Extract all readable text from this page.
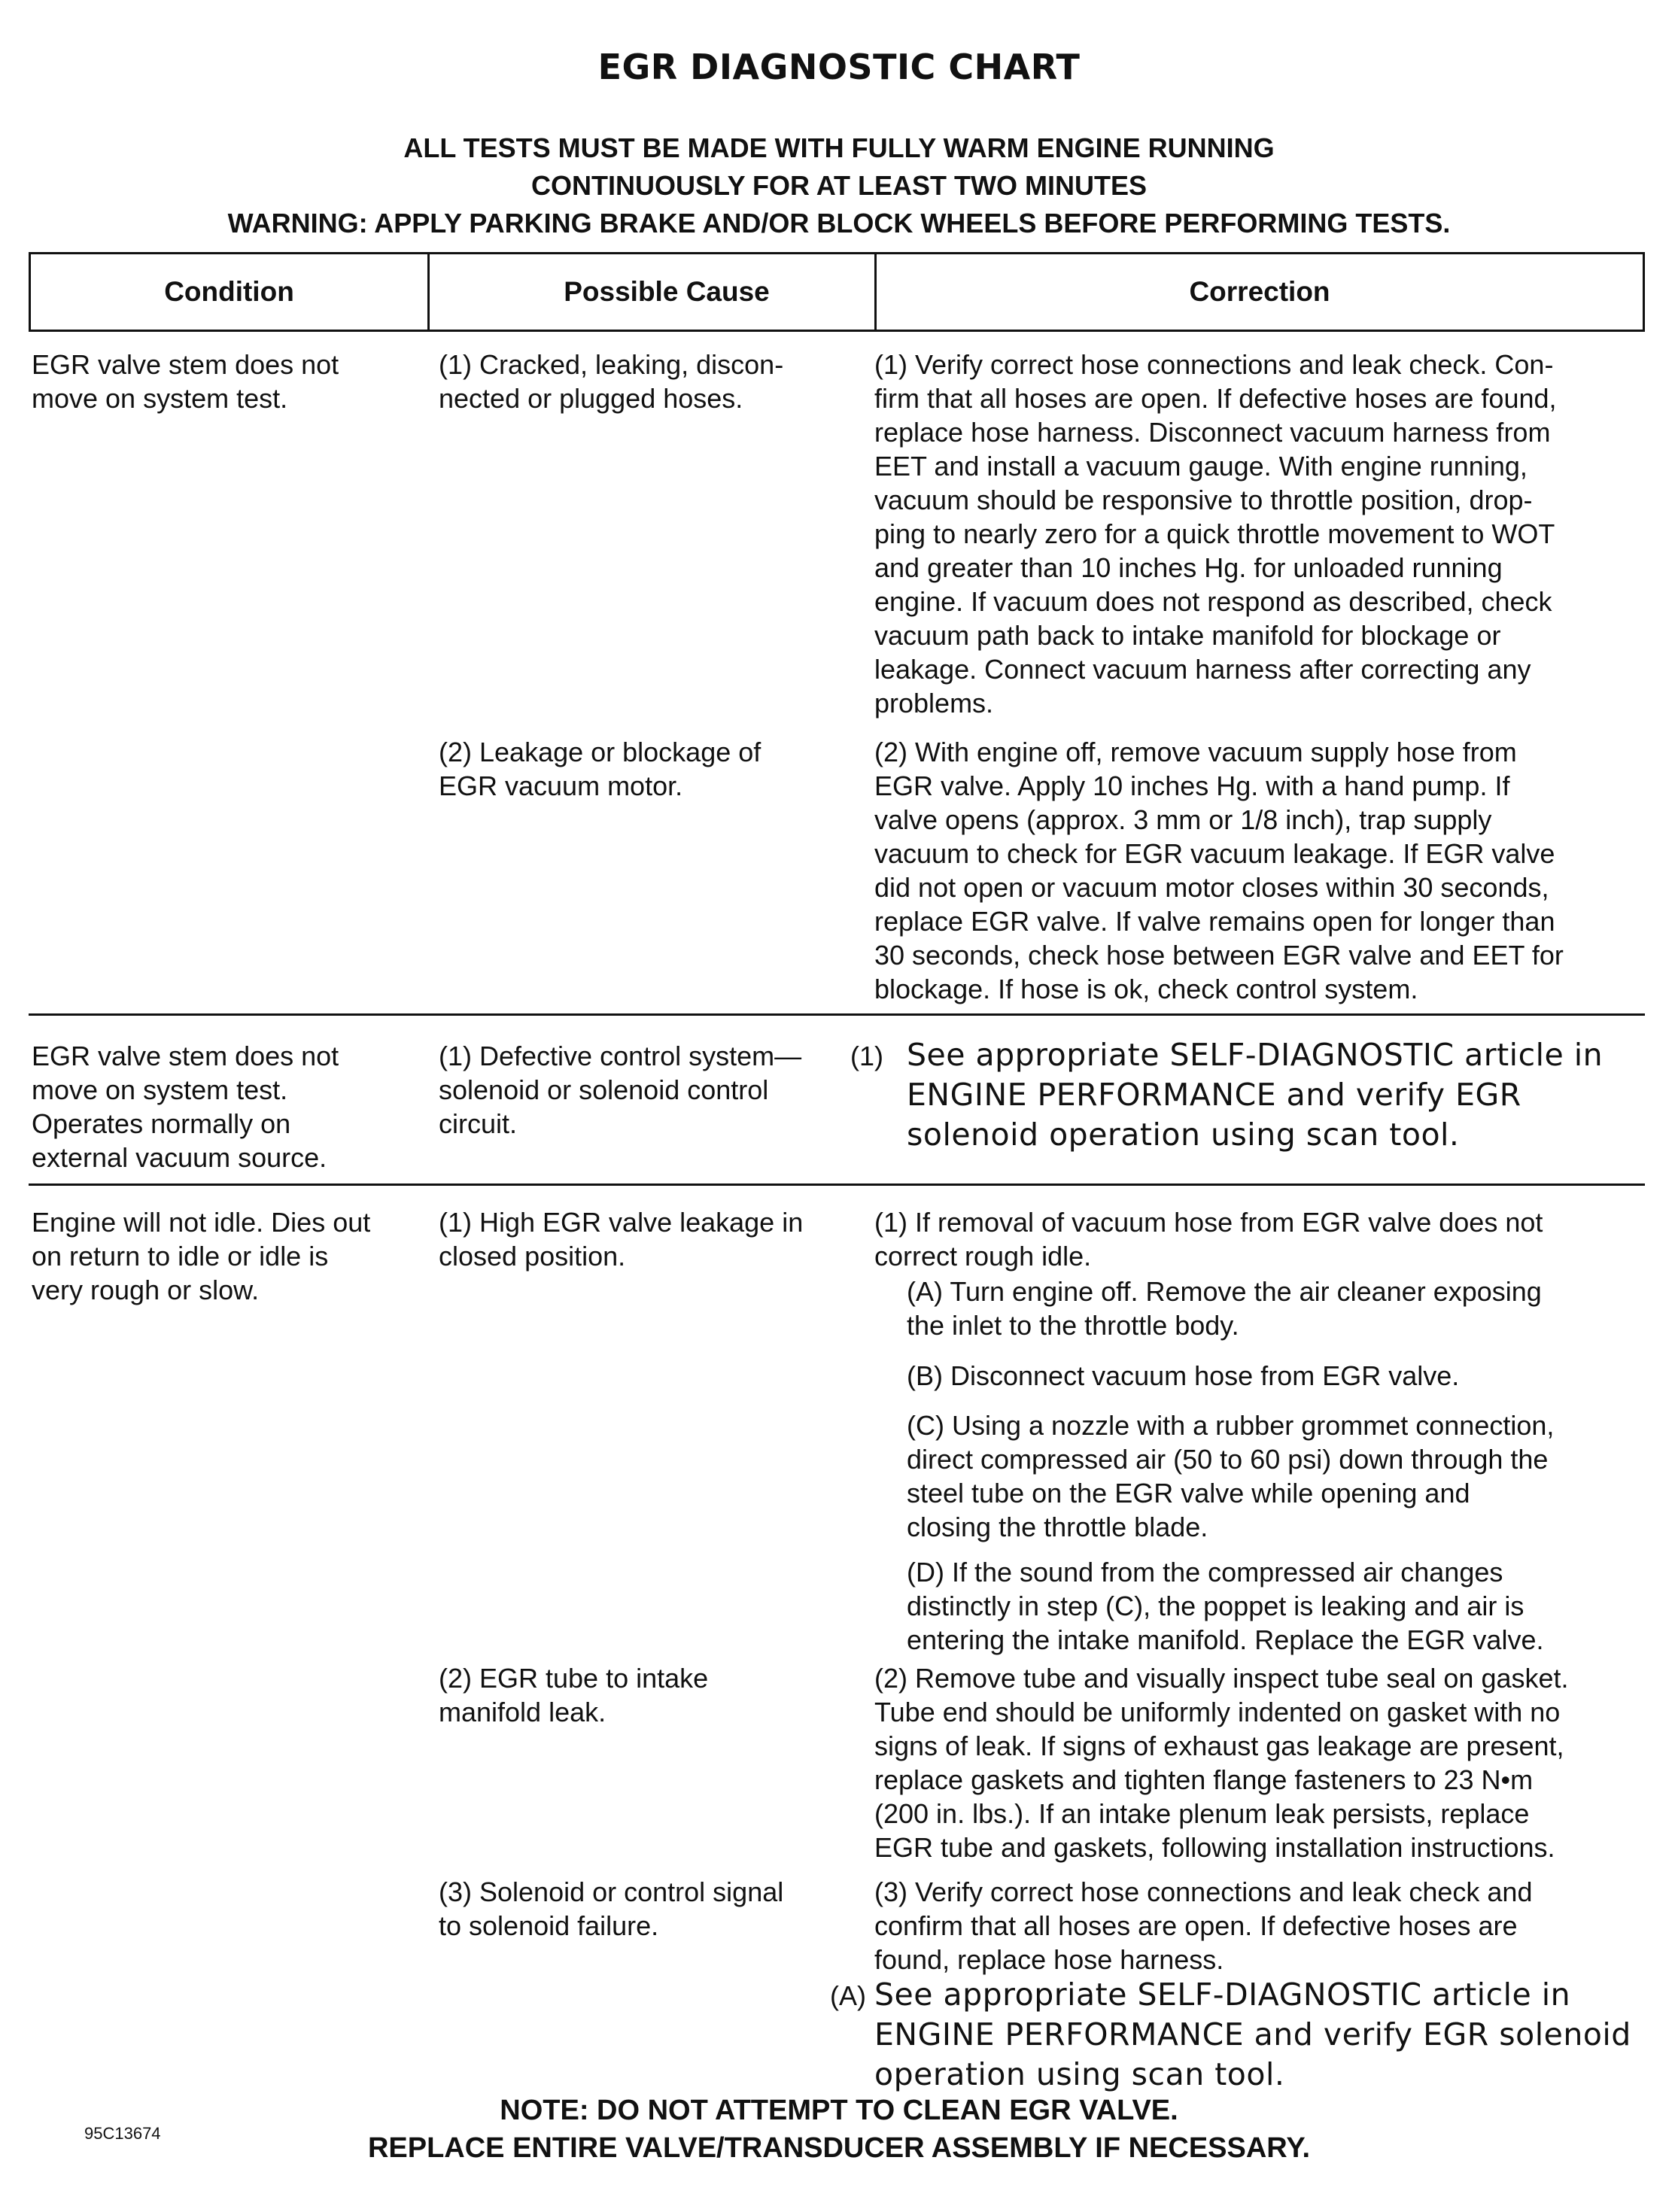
EGR DIAGNOSTIC CHART
ALL TESTS MUST BE MADE WITH FULLY WARM ENGINE RUNNING
CONTINUOUSLY FOR AT LEAST TWO MINUTES
WARNING: APPLY PARKING BRAKE AND/OR BLOCK WHEELS BEFORE PERFORMING TESTS.
Condition	Possible Cause	Correction
EGR valve stem does not
move on system test.
(1) Cracked, leaking, discon-
nected or plugged hoses.
(1) Verify correct hose connections and leak check. Con-
firm that all hoses are open. If defective hoses are found,
replace hose harness. Disconnect vacuum harness from
EET and install a vacuum gauge. With engine running,
vacuum should be responsive to throttle position, drop-
ping to nearly zero for a quick throttle movement to WOT
and greater than 10 inches Hg. for unloaded running
engine. If vacuum does not respond as described, check
vacuum path back to intake manifold for blockage or
leakage. Connect vacuum harness after correcting any
problems.
(2) Leakage or blockage of
EGR vacuum motor.
(2) With engine off, remove vacuum supply hose from
EGR valve. Apply 10 inches Hg. with a hand pump. If
valve opens (approx. 3 mm or 1/8 inch), trap supply
vacuum to check for EGR vacuum leakage. If EGR valve
did not open or vacuum motor closes within 30 seconds,
replace EGR valve. If valve remains open for longer than
30 seconds, check hose between EGR valve and EET for
blockage. If hose is ok, check control system.
EGR valve stem does not
move on system test.
Operates normally on
external vacuum source.
(1) Defective control system—
solenoid or solenoid control
circuit.
(1) See appropriate SELF-DIAGNOSTIC article in
ENGINE PERFORMANCE and verify EGR
solenoid operation using scan tool.
Engine will not idle. Dies out
on return to idle or idle is
very rough or slow.
(1) High EGR valve leakage in
closed position.
(1) If removal of vacuum hose from EGR valve does not
correct rough idle.
(A) Turn engine off. Remove the air cleaner exposing
the inlet to the throttle body.
(B) Disconnect vacuum hose from EGR valve.
(C) Using a nozzle with a rubber grommet connection,
direct compressed air (50 to 60 psi) down through the
steel tube on the EGR valve while opening and
closing the throttle blade.
(D) If the sound from the compressed air changes
distinctly in step (C), the poppet is leaking and air is
entering the intake manifold. Replace the EGR valve.
(2) EGR tube to intake
manifold leak.
(2) Remove tube and visually inspect tube seal on gasket.
Tube end should be uniformly indented on gasket with no
signs of leak. If signs of exhaust gas leakage are present,
replace gaskets and tighten flange fasteners to 23 N•m
(200 in. lbs.). If an intake plenum leak persists, replace
EGR tube and gaskets, following installation instructions.
(3) Solenoid or control signal
to solenoid failure.
(3) Verify correct hose connections and leak check and
confirm that all hoses are open. If defective hoses are
found, replace hose harness.
(A) See appropriate SELF-DIAGNOSTIC article in
ENGINE PERFORMANCE and verify EGR solenoid
operation using scan tool.
NOTE: DO NOT ATTEMPT TO CLEAN EGR VALVE.
REPLACE ENTIRE VALVE/TRANSDUCER ASSEMBLY IF NECESSARY.
95C13674
